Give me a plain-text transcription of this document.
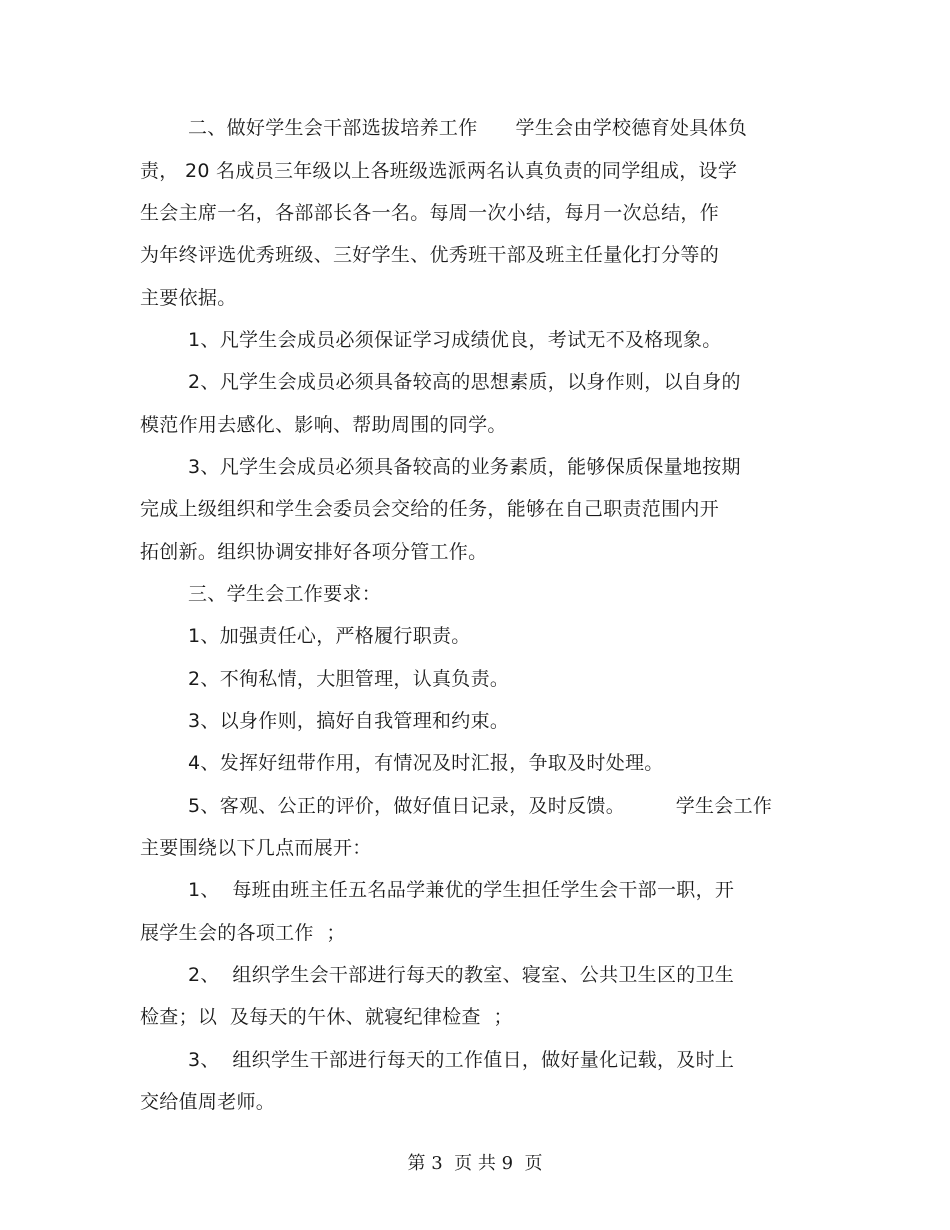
二、做好学生会干部选拔培养工作      学生会由学校德育处具体负
责， 20 名成员三年级以上各班级选派两名认真负责的同学组成，设学
生会主席一名，各部部长各一名。每周一次小结，每月一次总结，作
为年终评选优秀班级、三好学生、优秀班干部及班主任量化打分等的
主要依据。
1、凡学生会成员必须保证学习成绩优良，考试无不及格现象。
2、凡学生会成员必须具备较高的思想素质，以身作则，以自身的
模范作用去感化、影响、帮助周围的同学。
3、凡学生会成员必须具备较高的业务素质，能够保质保量地按期
完成上级组织和学生会委员会交给的任务，能够在自己职责范围内开
拓创新。组织协调安排好各项分管工作。
三、学生会工作要求：
1、加强责任心，严格履行职责。
2、不徇私情，大胆管理，认真负责。
3、以身作则，搞好自我管理和约束。
4、发挥好纽带作用，有情况及时汇报，争取及时处理。
5、客观、公正的评价，做好值日记录，及时反馈。        学生会工作
主要围绕以下几点而展开：
1、  每班由班主任五名品学兼优的学生担任学生会干部一职，开
展学生会的各项工作  ；
2、  组织学生会干部进行每天的教室、寝室、公共卫生区的卫生
检查；以  及每天的午休、就寝纪律检查  ；
3、  组织学生干部进行每天的工作值日，做好量化记载，及时上
交给值周老师。
第 3  页 共 9  页
